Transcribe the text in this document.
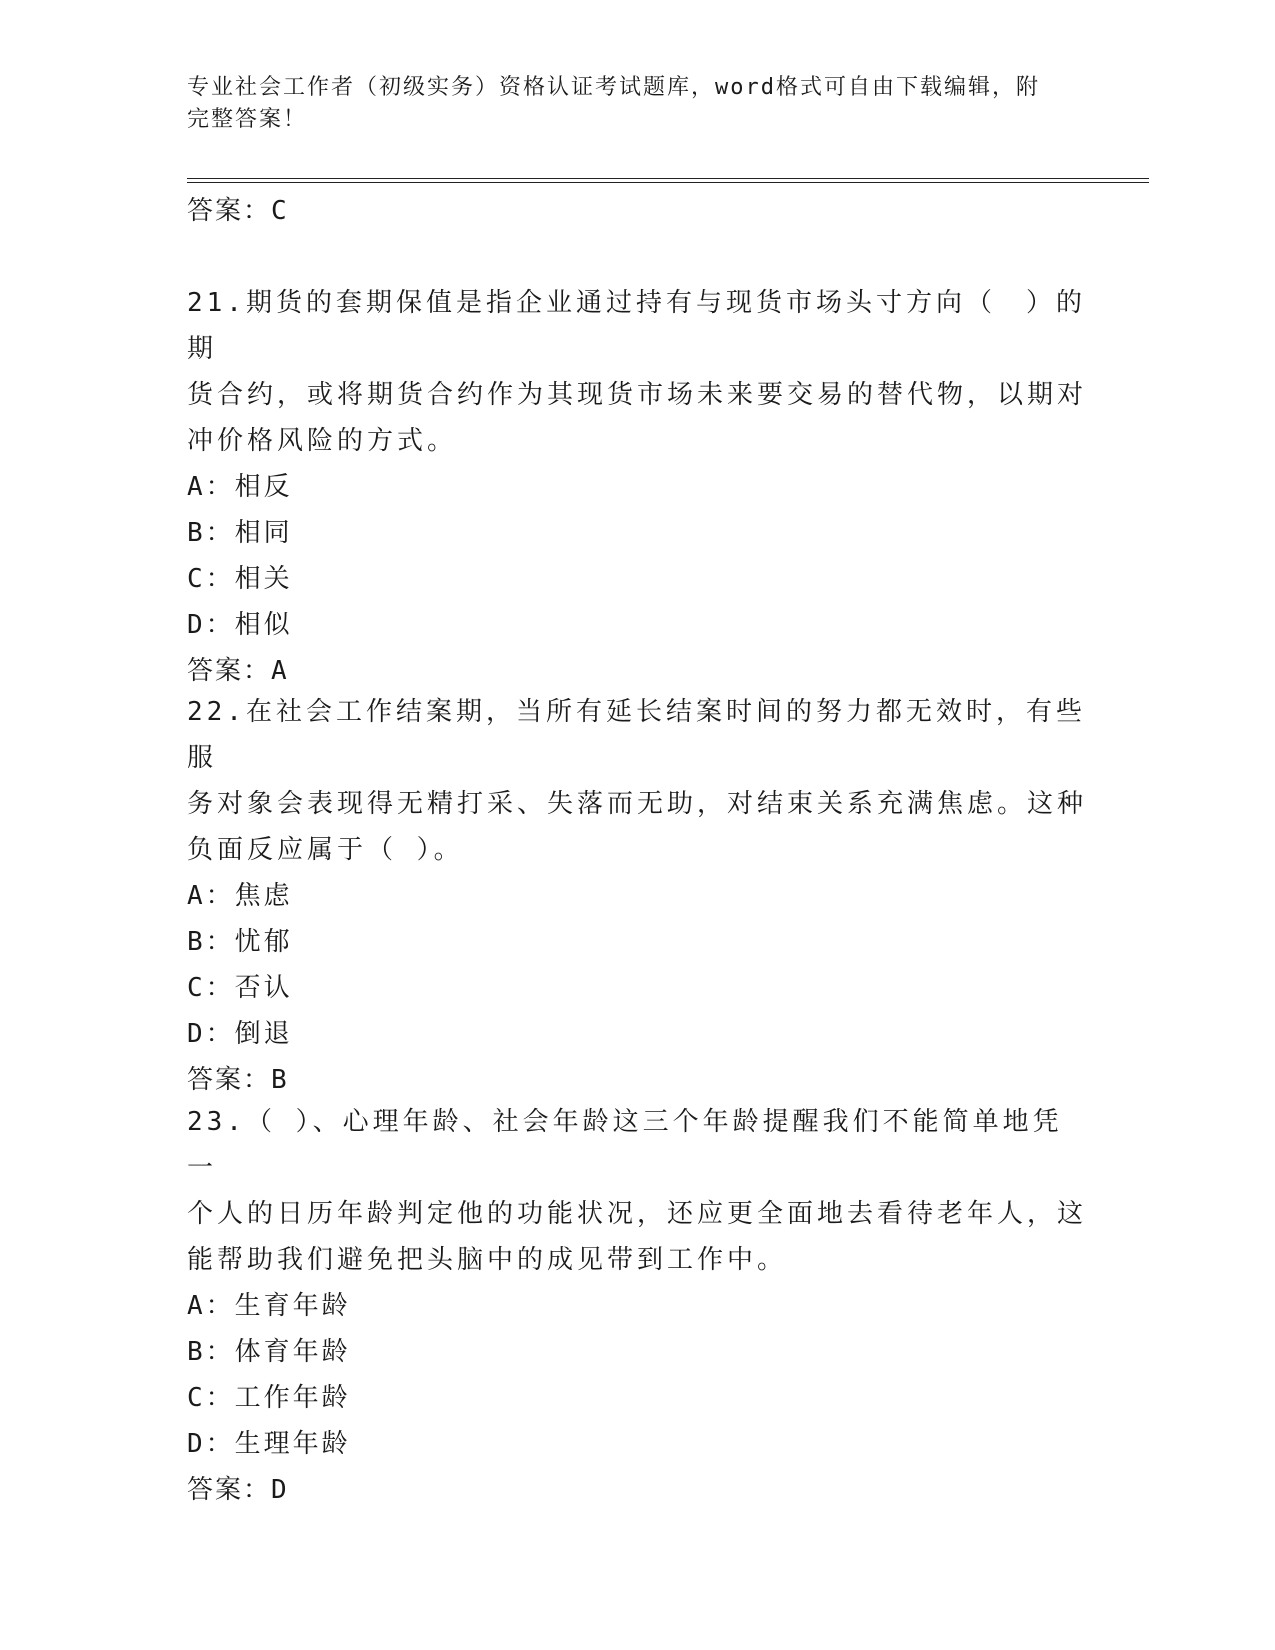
专业社会工作者（初级实务）资格认证考试题库，word格式可自由下载编辑，附
完整答案！
答案：C

21.期货的套期保值是指企业通过持有与现货市场头寸方向（　）的期

货合约，或将期货合约作为其现货市场未来要交易的替代物，以期对

冲价格风险的方式。

A：相反

B：相同

C：相关

D：相似

答案：A

22.在社会工作结案期，当所有延长结案时间的努力都无效时，有些服

务对象会表现得无精打采、失落而无助，对结束关系充满焦虑。这种

负面反应属于（ ）。

A：焦虑

B：忧郁

C：否认

D：倒退

答案：B

23.（ ）、心理年龄、社会年龄这三个年龄提醒我们不能简单地凭一

个人的日历年龄判定他的功能状况，还应更全面地去看待老年人，这

能帮助我们避免把头脑中的成见带到工作中。

A：生育年龄

B：体育年龄

C：工作年龄

D：生理年龄

答案：D
